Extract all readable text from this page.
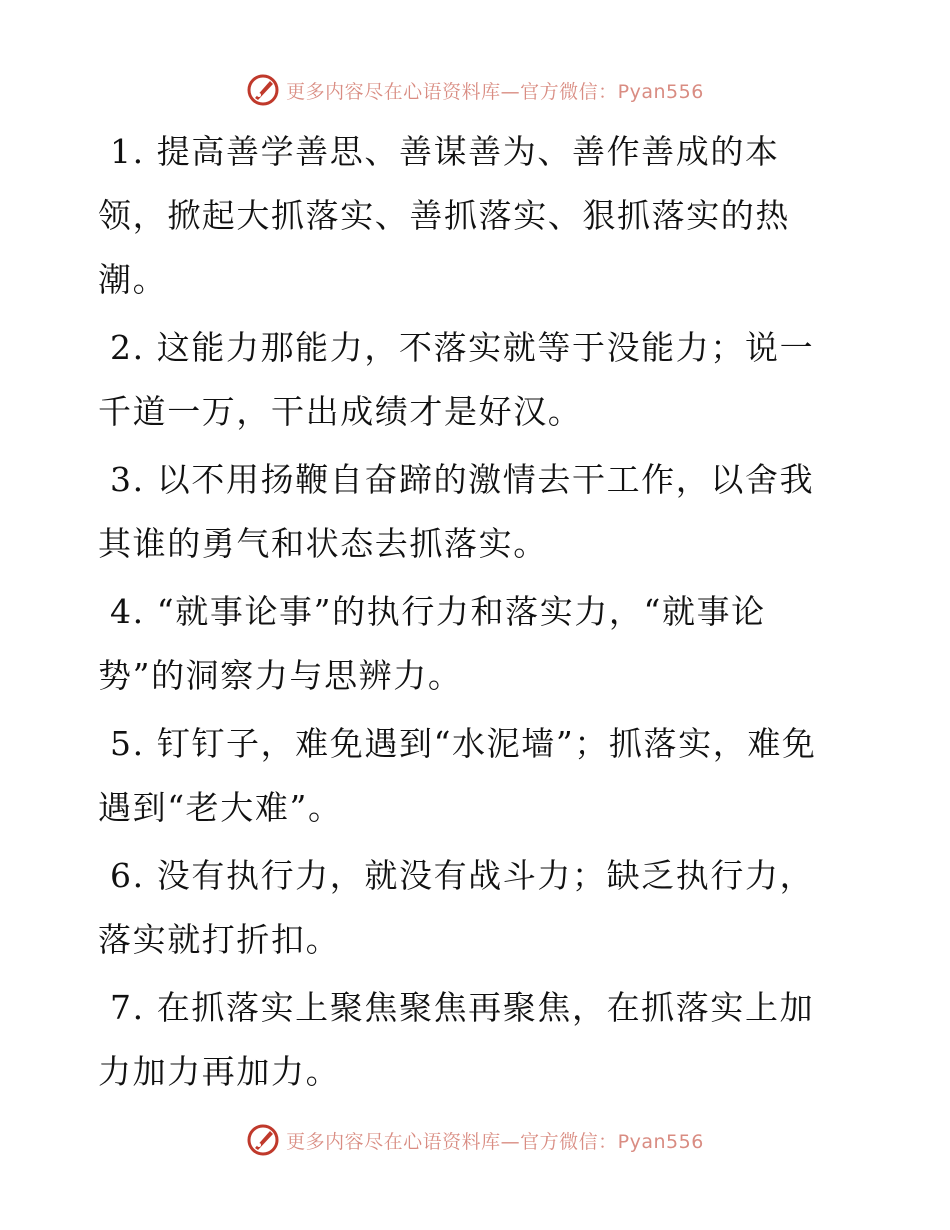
更多内容尽在心语资料库—官方微信：Pyan556

1. 提高善学善思、善谋善为、善作善成的本领，掀起大抓落实、善抓落实、狠抓落实的热潮。

2. 这能力那能力，不落实就等于没能力；说一千道一万，干出成绩才是好汉。

3. 以不用扬鞭自奋蹄的激情去干工作，以舍我其谁的勇气和状态去抓落实。

4. “就事论事”的执行力和落实力，“就事论势”的洞察力与思辨力。

5. 钉钉子，难免遇到“水泥墙”；抓落实，难免遇到“老大难”。

6. 没有执行力，就没有战斗力；缺乏执行力，落实就打折扣。

7. 在抓落实上聚焦聚焦再聚焦，在抓落实上加力加力再加力。

更多内容尽在心语资料库—官方微信：Pyan556
